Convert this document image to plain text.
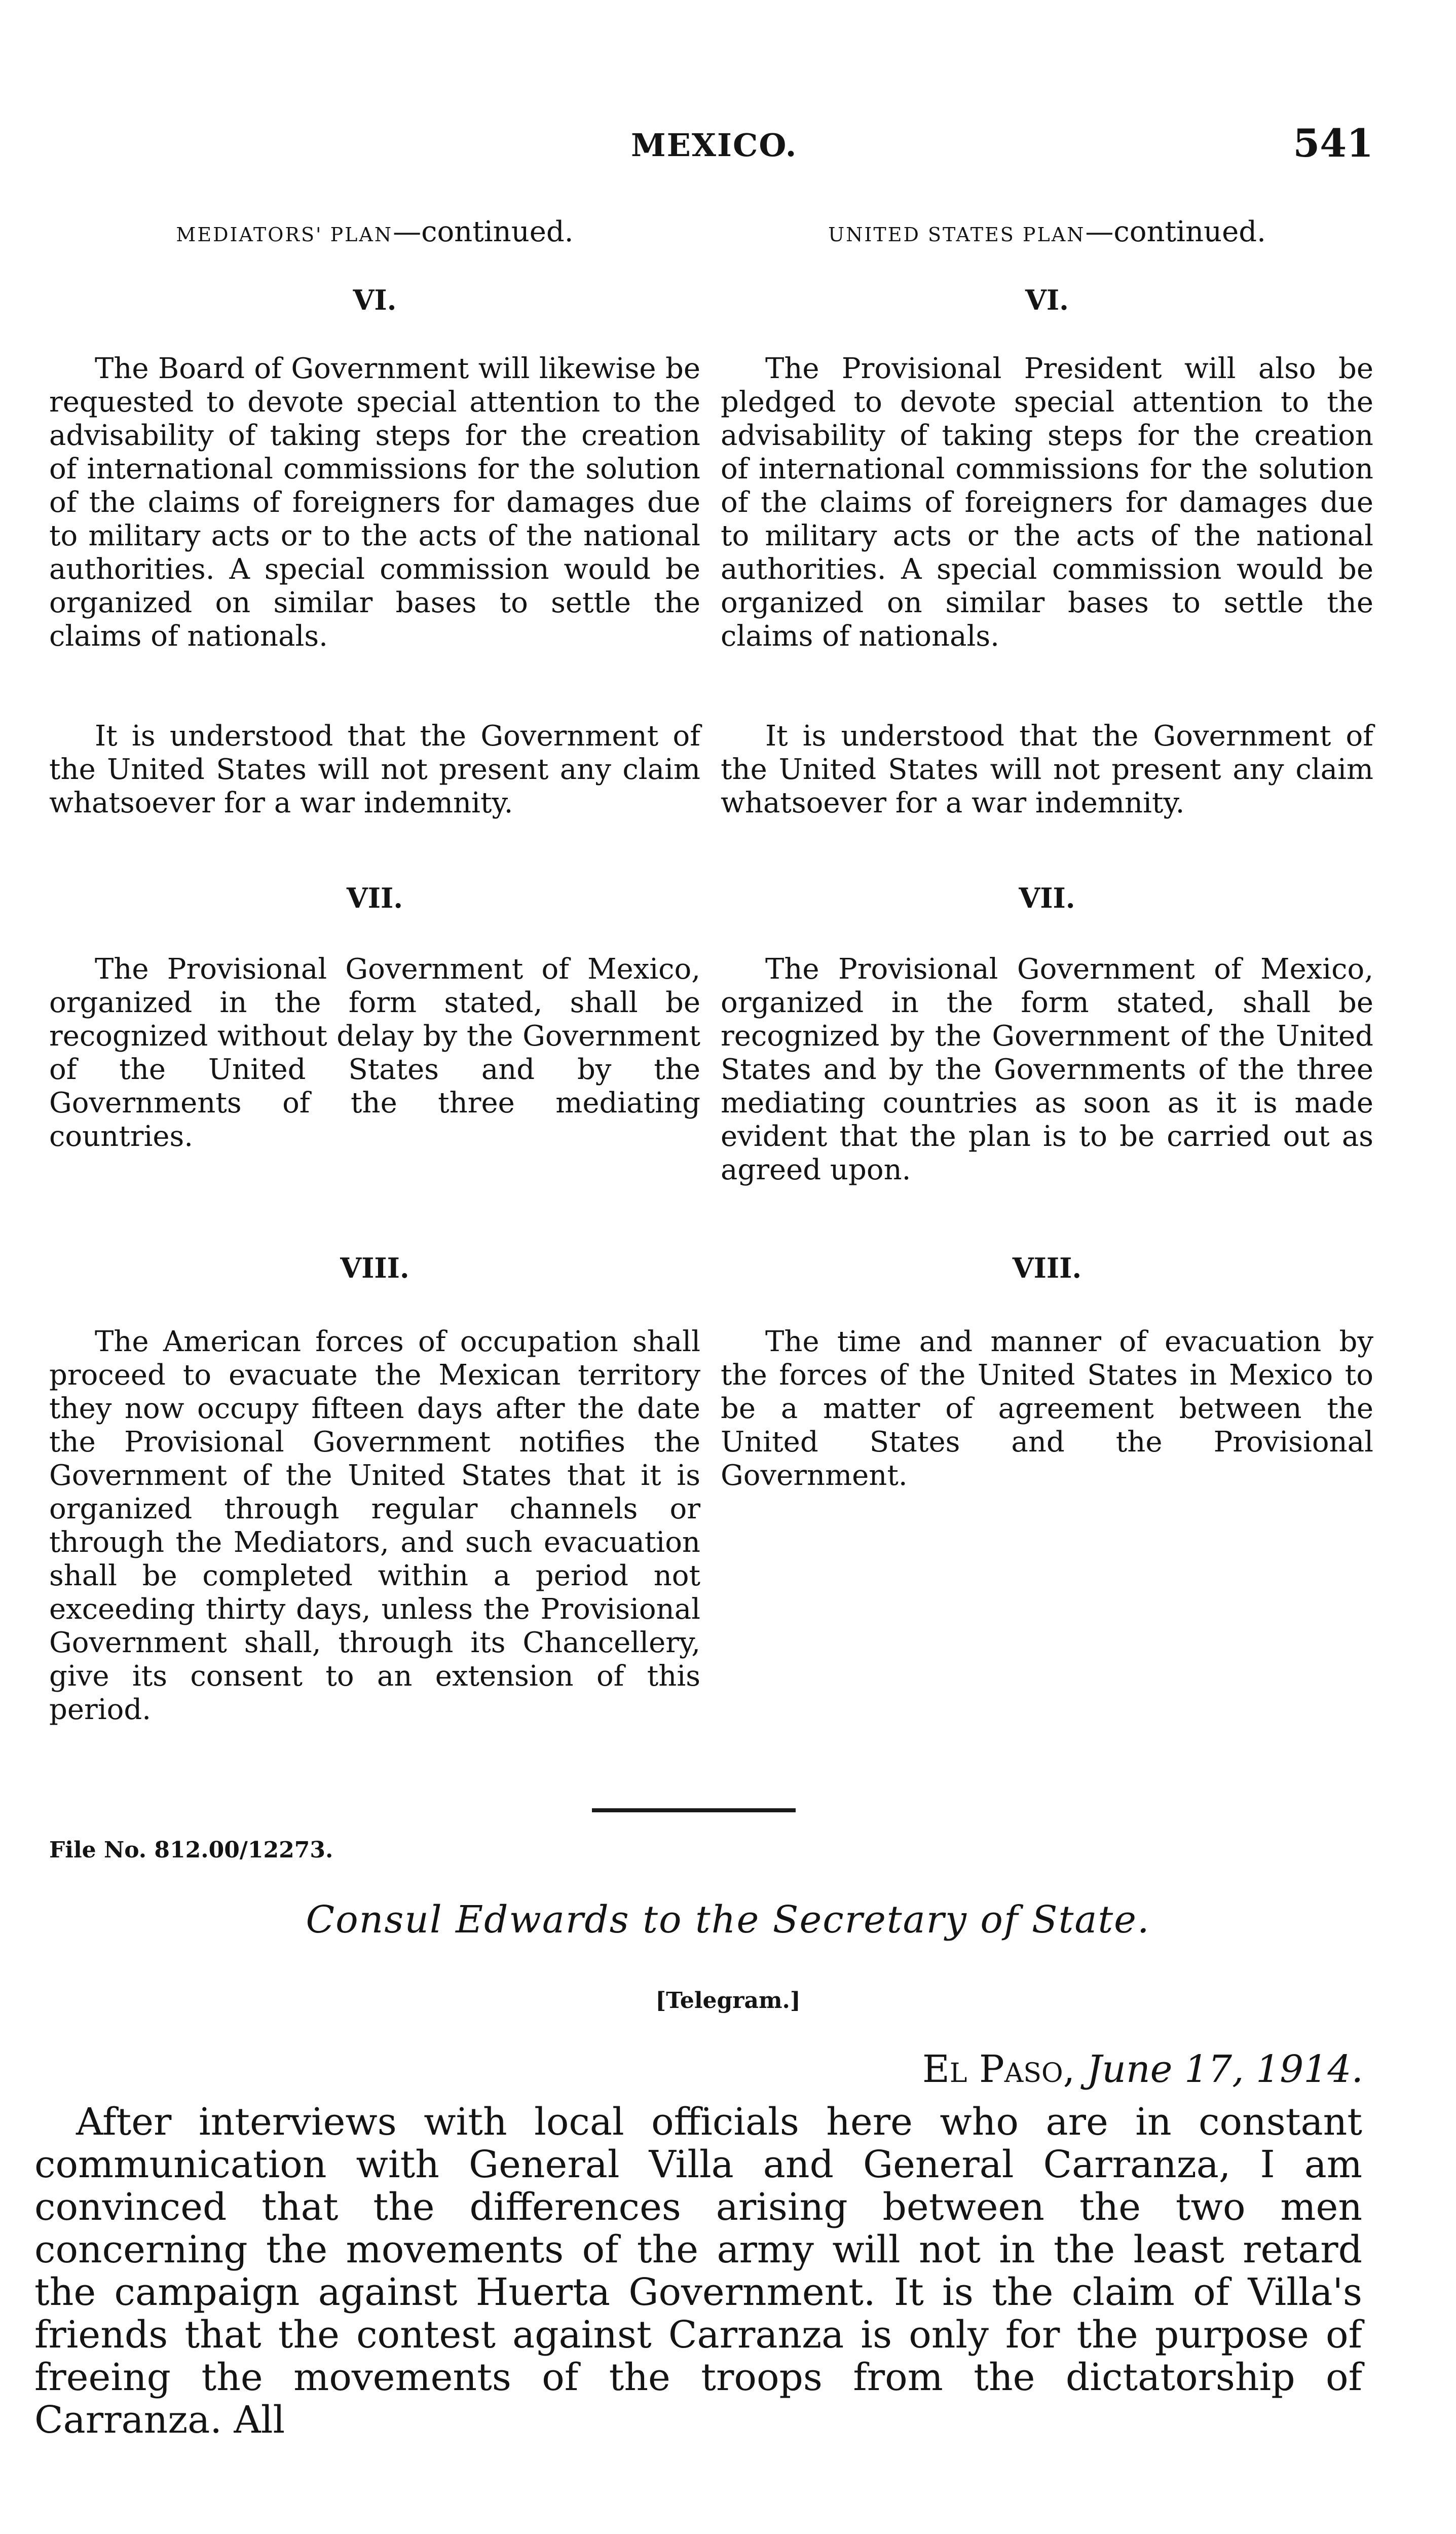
MEXICO.	541
MEDIATORS' PLAN—continued.
VI.

The Board of Government will likewise be requested to devote special attention to the advisability of taking steps for the creation of international commissions for the solution of the claims of foreigners for damages due to military acts or to the acts of the national authorities. A special commission would be organized on similar bases to settle the claims of nationals.

It is understood that the Government of the United States will not present any claim whatsoever for a war indemnity.

VII.

The Provisional Government of Mexico, organized in the form stated, shall be recognized without delay by the Government of the United States and by the Governments of the three mediating countries.

VIII.

The American forces of occupation shall proceed to evacuate the Mexican territory they now occupy fifteen days after the date the Provisional Government notifies the Government of the United States that it is organized through regular channels or through the Mediators, and such evacuation shall be completed within a period not exceeding thirty days, unless the Provisional Government shall, through its Chancellery, give its consent to an extension of this period.

UNITED STATES PLAN—continued.
VI.

The Provisional President will also be pledged to devote special attention to the advisability of taking steps for the creation of international commissions for the solution of the claims of foreigners for damages due to military acts or the acts of the national authorities. A special commission would be organized on similar bases to settle the claims of nationals.

It is understood that the Government of the United States will not present any claim whatsoever for a war indemnity.

VII.

The Provisional Government of Mexico, organized in the form stated, shall be recognized by the Government of the United States and by the Governments of the three mediating countries as soon as it is made evident that the plan is to be carried out as agreed upon.

VIII.

The time and manner of evacuation by the forces of the United States in Mexico to be a matter of agreement between the United States and the Provisional Government.

File No. 812.00/12273.
Consul Edwards to the Secretary of State.
[Telegram.]
El Paso, June 17, 1914.

After interviews with local officials here who are in constant communication with General Villa and General Carranza, I am convinced that the differences arising between the two men concerning the movements of the army will not in the least retard the campaign against Huerta Government. It is the claim of Villa's friends that the contest against Carranza is only for the purpose of freeing the movements of the troops from the dictatorship of Carranza. All
